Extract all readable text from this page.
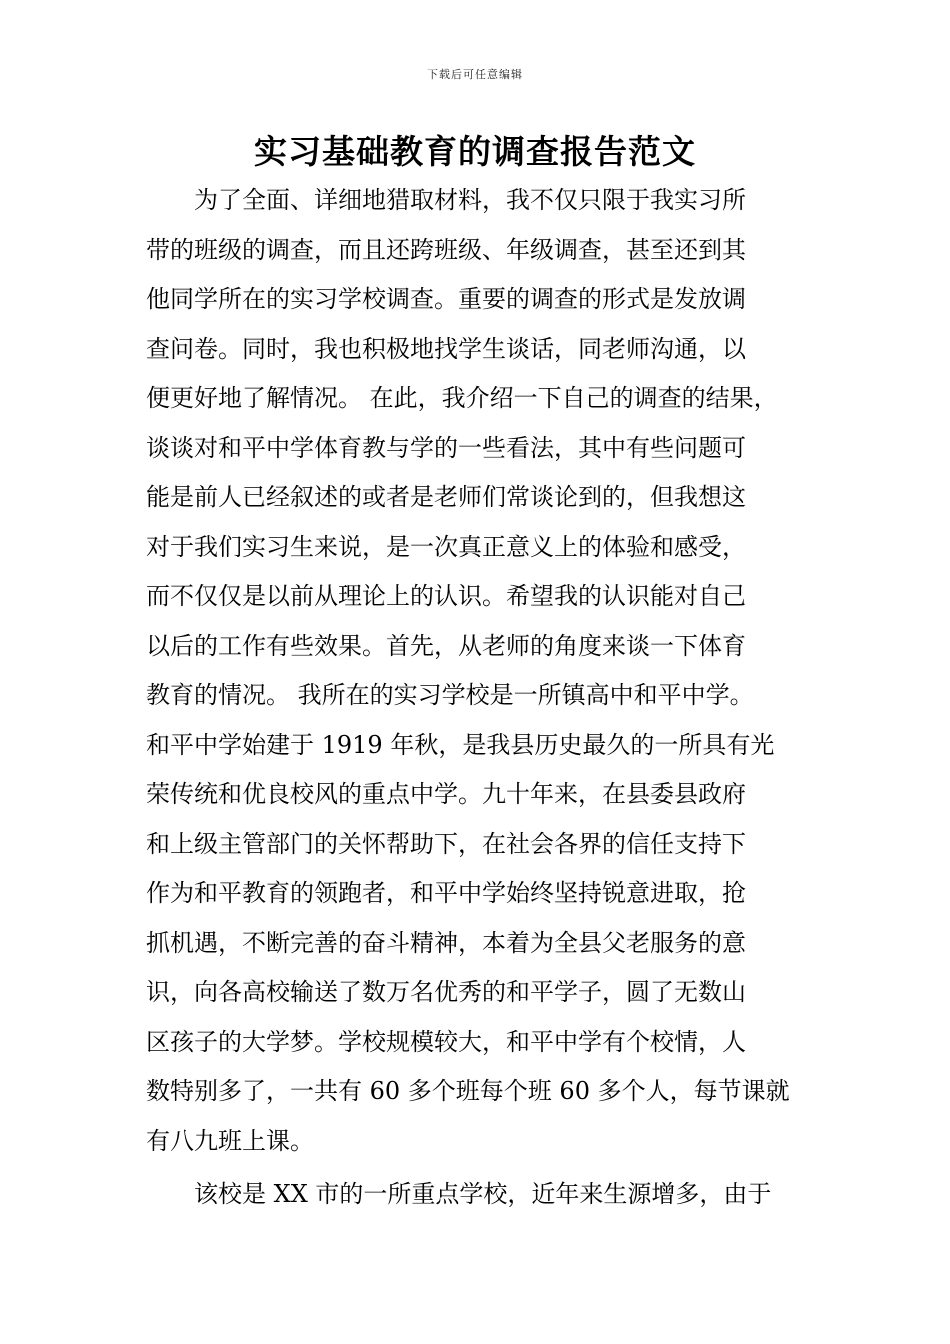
下载后可任意编辑
实习基础教育的调查报告范文
　　为了全面、详细地猎取材料，我不仅只限于我实习所
带的班级的调查，而且还跨班级、年级调查，甚至还到其
他同学所在的实习学校调查。重要的调查的形式是发放调
查问卷。同时，我也积极地找学生谈话，同老师沟通，以
便更好地了解情况。 在此，我介绍一下自己的调查的结果，
谈谈对和平中学体育教与学的一些看法，其中有些问题可
能是前人已经叙述的或者是老师们常谈论到的，但我想这
对于我们实习生来说，是一次真正意义上的体验和感受，
而不仅仅是以前从理论上的认识。希望我的认识能对自己
以后的工作有些效果。首先，从老师的角度来谈一下体育
教育的情况。 我所在的实习学校是一所镇高中和平中学。
和平中学始建于 1919 年秋，是我县历史最久的一所具有光
荣传统和优良校风的重点中学。九十年来，在县委县政府
和上级主管部门的关怀帮助下，在社会各界的信任支持下
作为和平教育的领跑者，和平中学始终坚持锐意进取，抢
抓机遇，不断完善的奋斗精神，本着为全县父老服务的意
识，向各高校输送了数万名优秀的和平学子，圆了无数山
区孩子的大学梦。学校规模较大，和平中学有个校情，人
数特别多了，一共有 60 多个班每个班 60 多个人，每节课就
有八九班上课。
　　该校是 XX 市的一所重点学校，近年来生源增多，由于
